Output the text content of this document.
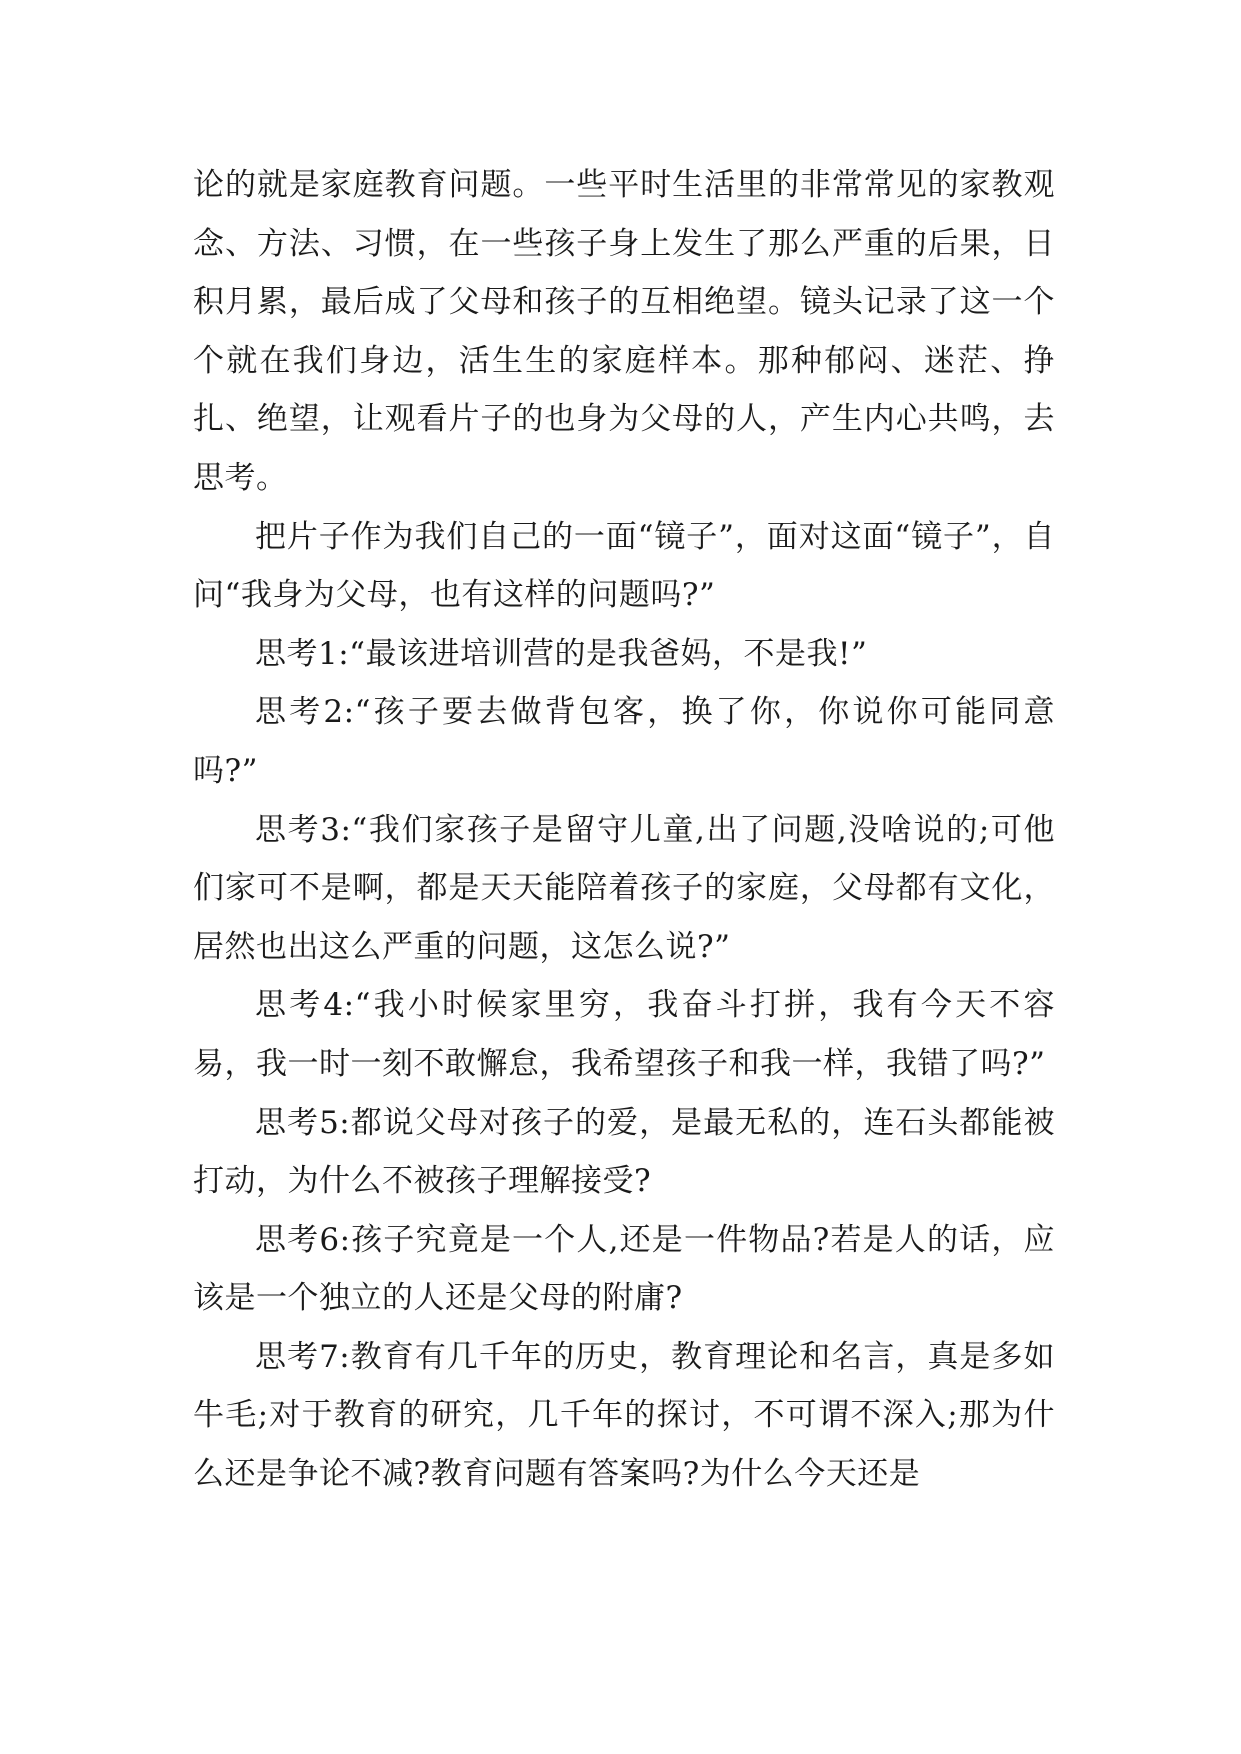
论的就是家庭教育问题。一些平时生活里的非常常见的家教观念、方法、习惯，在一些孩子身上发生了那么严重的后果，日积月累，最后成了父母和孩子的互相绝望。镜头记录了这一个个就在我们身边，活生生的家庭样本。那种郁闷、迷茫、挣扎、绝望，让观看片子的也身为父母的人，产生内心共鸣，去思考。

把片子作为我们自己的一面“镜子”，面对这面“镜子”，自问“我身为父母，也有这样的问题吗?”

思考1:“最该进培训营的是我爸妈，不是我!”

思考2:“孩子要去做背包客，换了你，你说你可能同意吗?”

思考3:“我们家孩子是留守儿童,出了问题,没啥说的;可他们家可不是啊，都是天天能陪着孩子的家庭，父母都有文化，居然也出这么严重的问题，这怎么说?”

思考4:“我小时候家里穷，我奋斗打拼，我有今天不容易，我一时一刻不敢懈怠，我希望孩子和我一样，我错了吗?”

思考5:都说父母对孩子的爱，是最无私的，连石头都能被打动，为什么不被孩子理解接受?

思考6:孩子究竟是一个人,还是一件物品?若是人的话，应该是一个独立的人还是父母的附庸?

思考7:教育有几千年的历史，教育理论和名言，真是多如牛毛;对于教育的研究，几千年的探讨，不可谓不深入;那为什么还是争论不减?教育问题有答案吗?为什么今天还是
